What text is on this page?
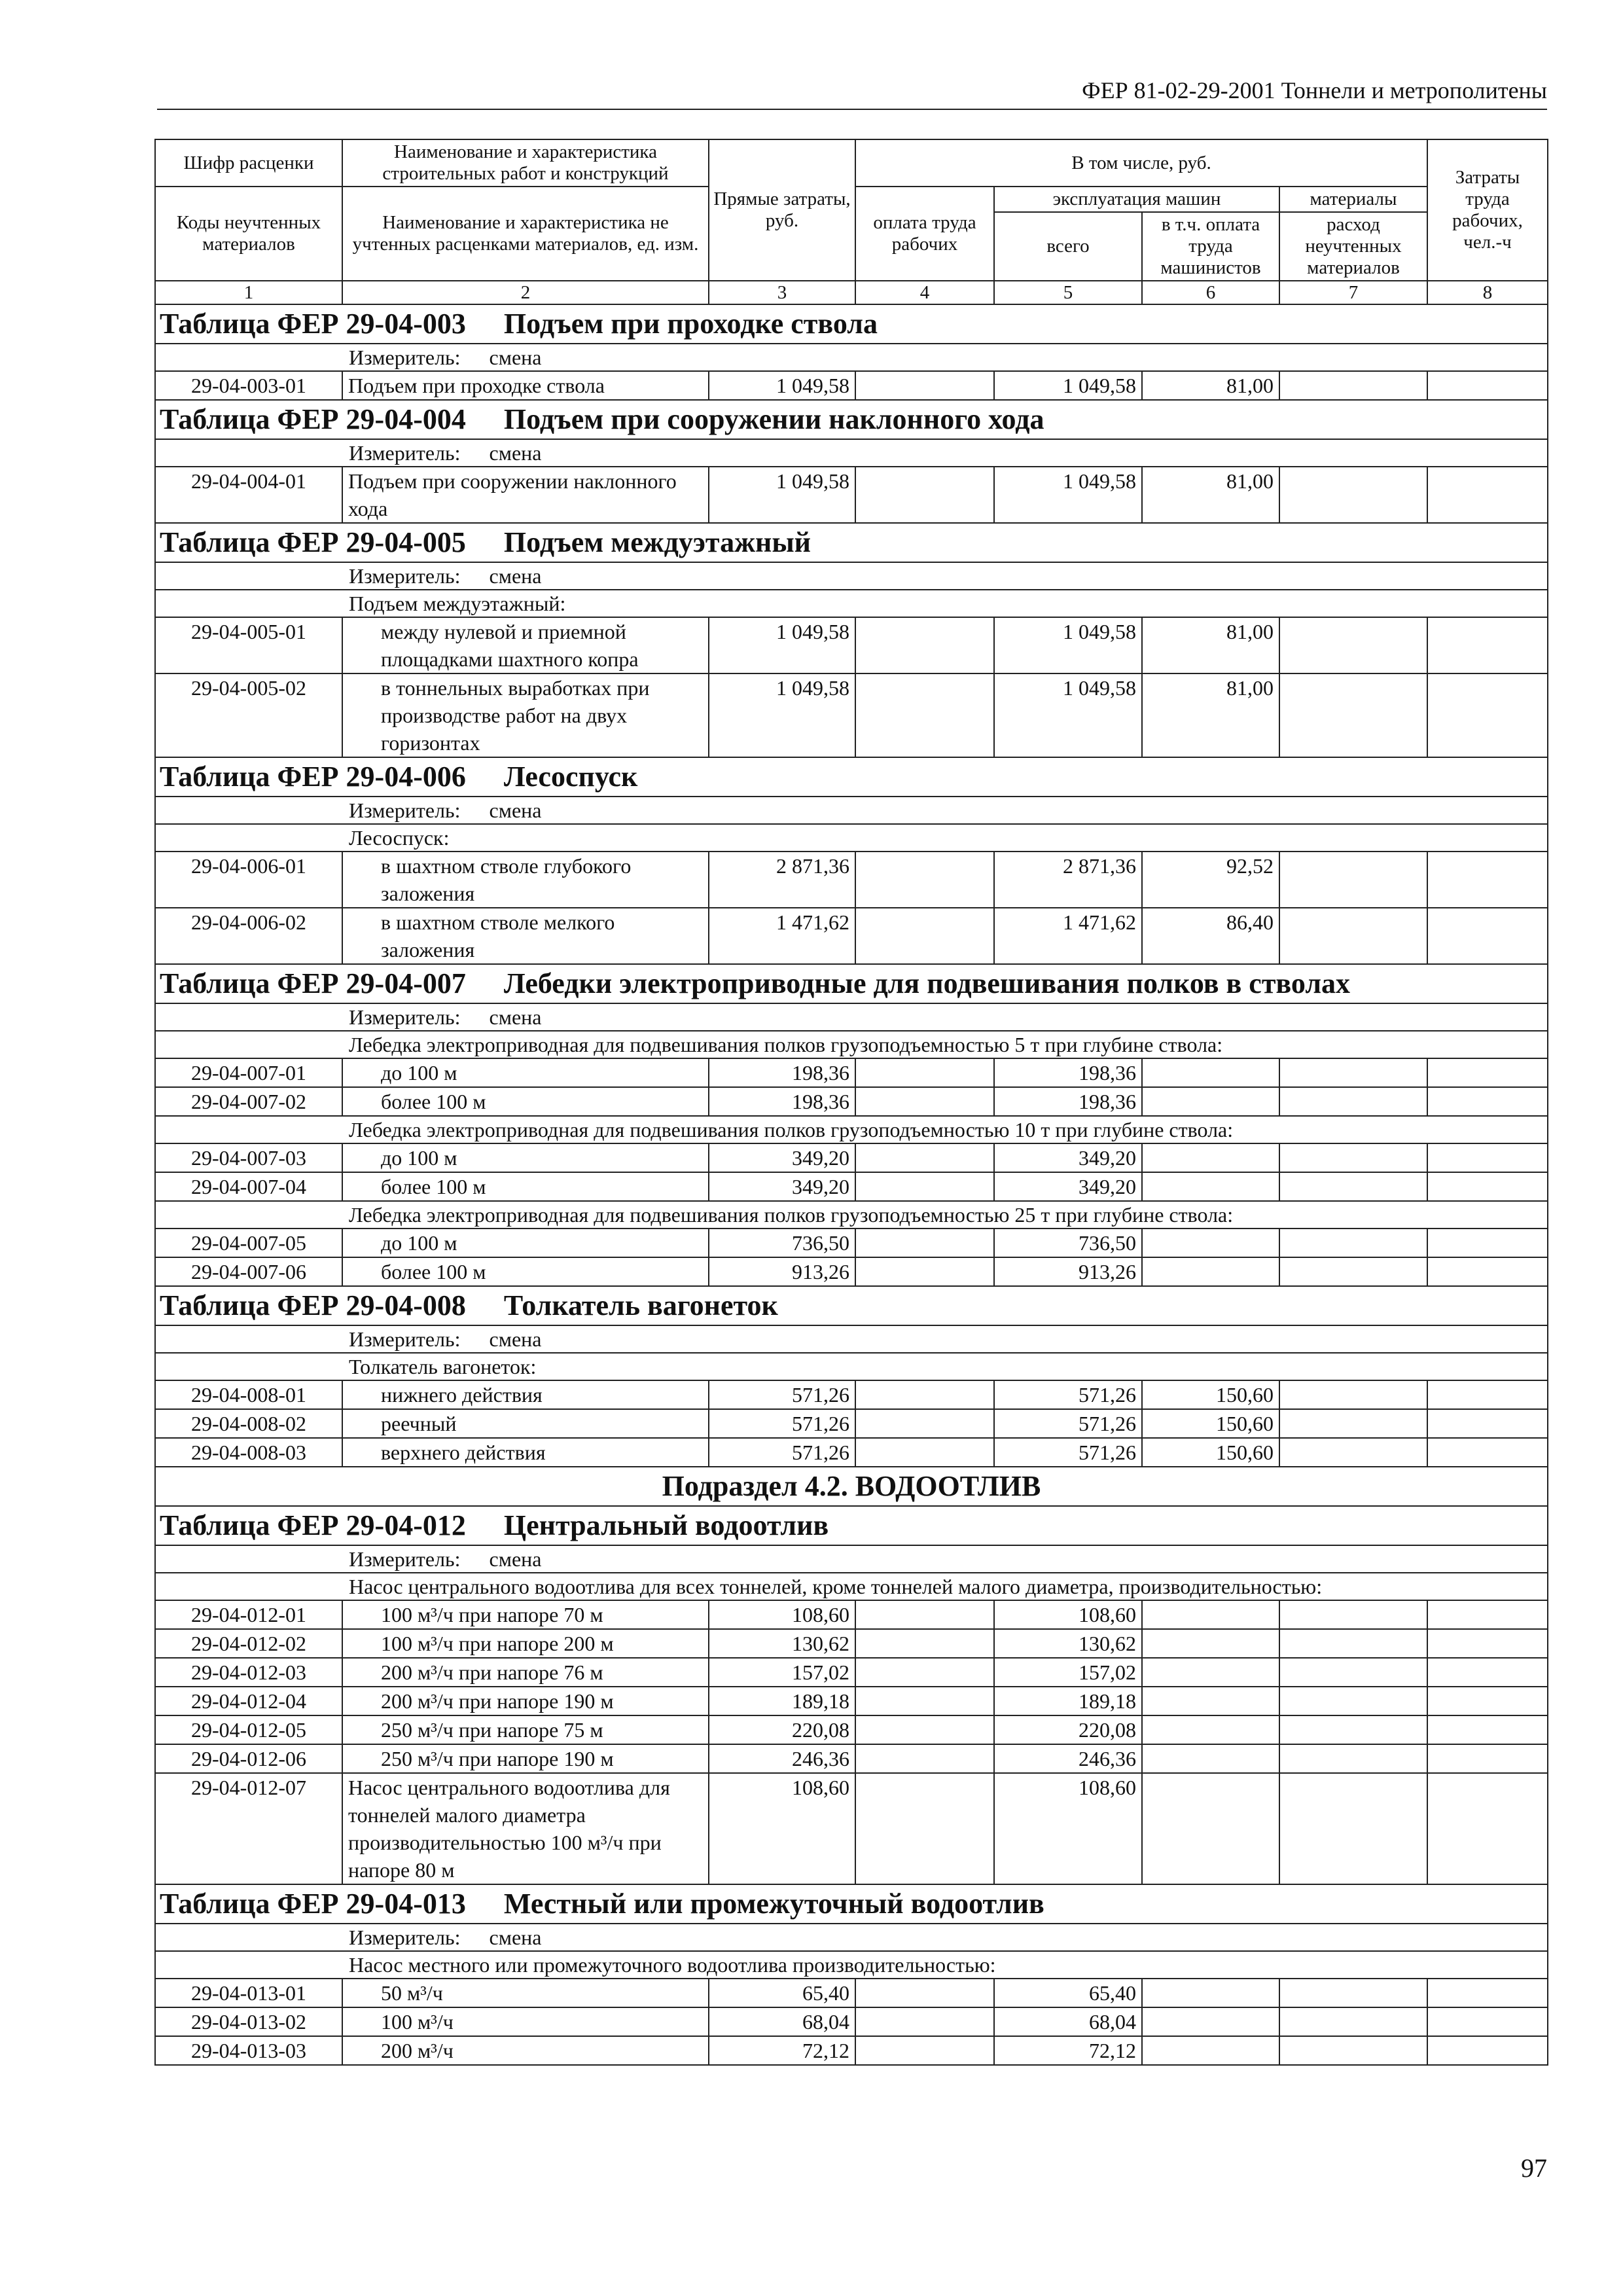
ФЕР 81-02-29-2001 Тоннели и метрополитены
Шифр расценки	Наименование и характеристика строительных работ и конструкций	Прямые затраты, руб.	В том числе, руб.				Затраты труда рабочих, чел.-ч
Коды неучтенных материалов	Наименование и характеристика не учтенных расценками материалов, ед. изм.		оплата труда рабочих	эксплуатация машин		материалы	
				всего	в т.ч. оплата труда машинистов	расход неучтенных материалов	
1	2	3	4	5	6	7	8
Таблица ФЕР 29-04-003 Подъем при проходке ствола							
Измеритель: смена							
29-04-003-01	Подъем при проходке ствола	1 049,58		1 049,58	81,00		
Таблица ФЕР 29-04-004 Подъем при сооружении наклонного хода							
Измеритель: смена							
29-04-004-01	Подъем при сооружении наклонного хода	1 049,58		1 049,58	81,00		
Таблица ФЕР 29-04-005 Подъем междуэтажный							
Измеритель: смена							
Подъем междуэтажный:							
29-04-005-01	между нулевой и приемной площадками шахтного копра	1 049,58		1 049,58	81,00		
29-04-005-02	в тоннельных выработках при производстве работ на двух горизонтах	1 049,58		1 049,58	81,00		
Таблица ФЕР 29-04-006 Лесоспуск							
Измеритель: смена							
Лесоспуск:							
29-04-006-01	в шахтном стволе глубокого заложения	2 871,36		2 871,36	92,52		
29-04-006-02	в шахтном стволе мелкого заложения	1 471,62		1 471,62	86,40		
Таблица ФЕР 29-04-007 Лебедки электроприводные для подвешивания полков в стволах							
Измеритель: смена							
Лебедка электроприводная для подвешивания полков грузоподъемностью 5 т при глубине ствола:							
29-04-007-01	до 100 м	198,36		198,36			
29-04-007-02	более 100 м	198,36		198,36			
Лебедка электроприводная для подвешивания полков грузоподъемностью 10 т при глубине ствола:							
29-04-007-03	до 100 м	349,20		349,20			
29-04-007-04	более 100 м	349,20		349,20			
Лебедка электроприводная для подвешивания полков грузоподъемностью 25 т при глубине ствола:							
29-04-007-05	до 100 м	736,50		736,50			
29-04-007-06	более 100 м	913,26		913,26			
Таблица ФЕР 29-04-008 Толкатель вагонеток							
Измеритель: смена							
Толкатель вагонеток:							
29-04-008-01	нижнего действия	571,26		571,26	150,60		
29-04-008-02	реечный	571,26		571,26	150,60		
29-04-008-03	верхнего действия	571,26		571,26	150,60		
Подраздел 4.2. ВОДООТЛИВ							
Таблица ФЕР 29-04-012 Центральный водоотлив							
Измеритель: смена							
Насос центрального водоотлива для всех тоннелей, кроме тоннелей малого диаметра, производительностью:							
29-04-012-01	100 м³/ч при напоре 70 м	108,60		108,60			
29-04-012-02	100 м³/ч при напоре 200 м	130,62		130,62			
29-04-012-03	200 м³/ч при напоре 76 м	157,02		157,02			
29-04-012-04	200 м³/ч при напоре 190 м	189,18		189,18			
29-04-012-05	250 м³/ч при напоре 75 м	220,08		220,08			
29-04-012-06	250 м³/ч при напоре 190 м	246,36		246,36			
29-04-012-07	Насос центрального водоотлива для тоннелей малого диаметра производительностью 100 м³/ч при напоре 80 м	108,60		108,60			
Таблица ФЕР 29-04-013 Местный или промежуточный водоотлив							
Измеритель: смена							
Насос местного или промежуточного водоотлива производительностью:							
29-04-013-01	50 м³/ч	65,40		65,40			
29-04-013-02	100 м³/ч	68,04		68,04			
29-04-013-03	200 м³/ч	72,12		72,12			
97
